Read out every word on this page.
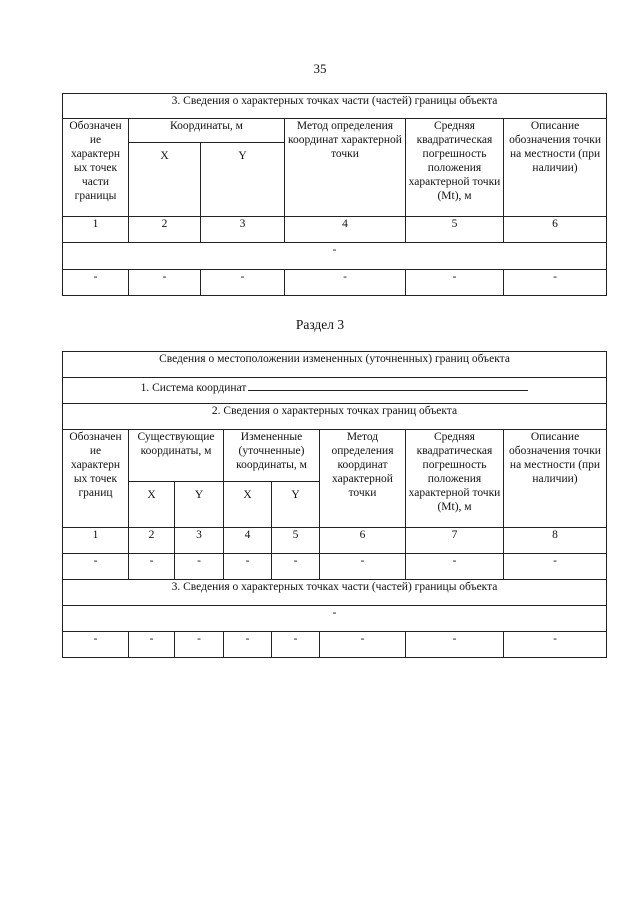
35
3. Сведения о характерных точках части (частей) границы объекта					
Обозначен ие характерн ых точек части границы	Координаты, м		Метод определения координат характерной точки	Средняя квадратическая погрешность положения характерной точки (Mt), м	Описание обозначения точки на местности (при наличии)
	X	Y			
1	2	3	4	5	6
-					
-	-	-	-	-	-
Раздел 3
Сведения о местоположении измененных (уточненных) границ объекта							
1. Система координат							
2. Сведения о характерных точках границ объекта							
Обозначен ие характерн ых точек границ	Существующие координаты, м		Измененные (уточненные) координаты, м		Метод определения координат характерной точки	Средняя квадратическая погрешность положения характерной точки (Mt), м	Описание обозначения точки на местности (при наличии)
	X	Y	X	Y			
1	2	3	4	5	6	7	8
-	-	-	-	-	-	-	-
3. Сведения о характерных точках части (частей) границы объекта							
-							
-	-	-	-	-	-	-	-
